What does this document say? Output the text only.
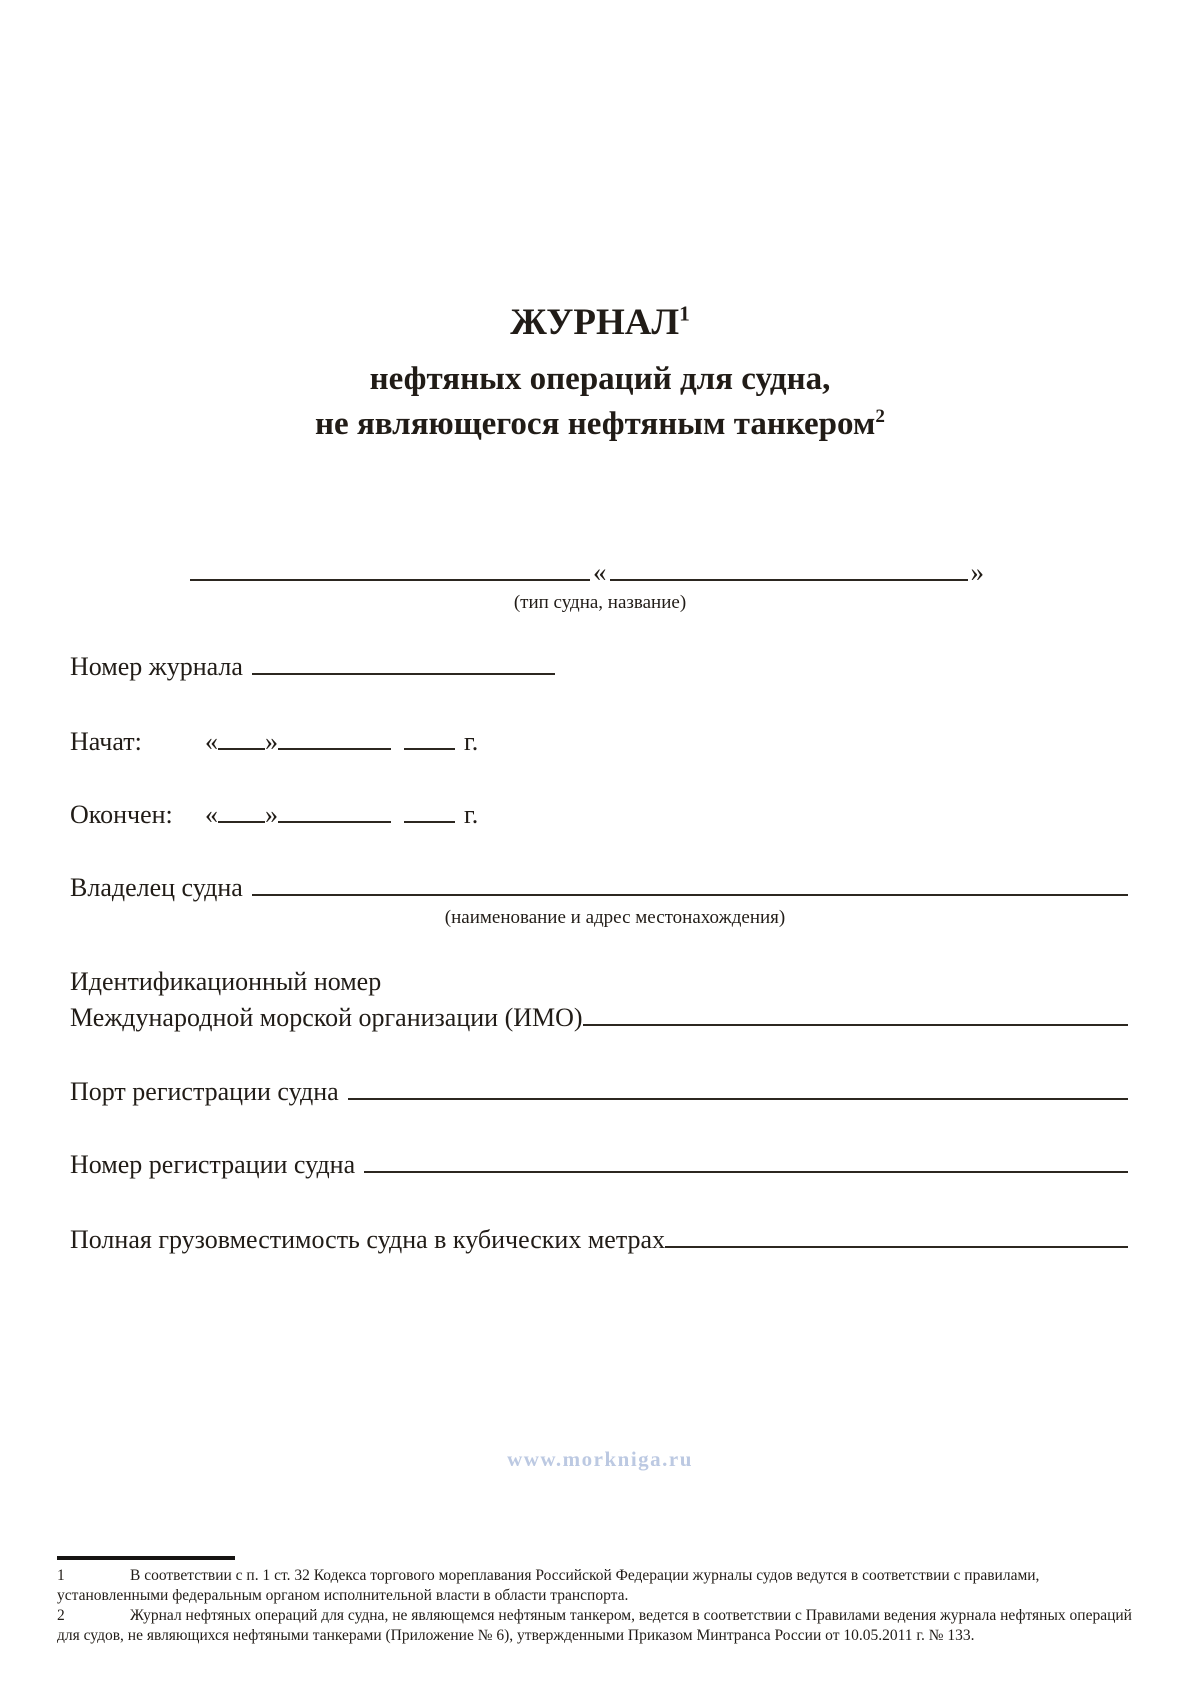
ЖУРНАЛ$^1$
нефтяных операций для судна,
не являющегося нефтяным танкером$^2$
«	»
(тип судна, название)
Номер журнала
Начат:	« »	г.
Окончен:	« »	г.
Владелец судна
(наименование и адрес местонахождения)
Идентификационный номер
Международной морской организации (ИМО)
Порт регистрации судна
Номер регистрации судна
Полная грузовместимость судна в кубических метрах
www.morkniga.ru

1	В соответствии с п. 1 ст. 32 Кодекса торгового мореплавания Российской Федерации журналы судов ведутся в соответствии с правилами, установленными федеральным органом исполнительной власти в области транспорта.

2	Журнал нефтяных операций для судна, не являющемся нефтяным танкером, ведется в соответствии с Правилами ведения журнала нефтяных операций для судов, не являющихся нефтяными танкерами (Приложение № 6), утвержденными Приказом Минтранса России от 10.05.2011 г. № 133.
